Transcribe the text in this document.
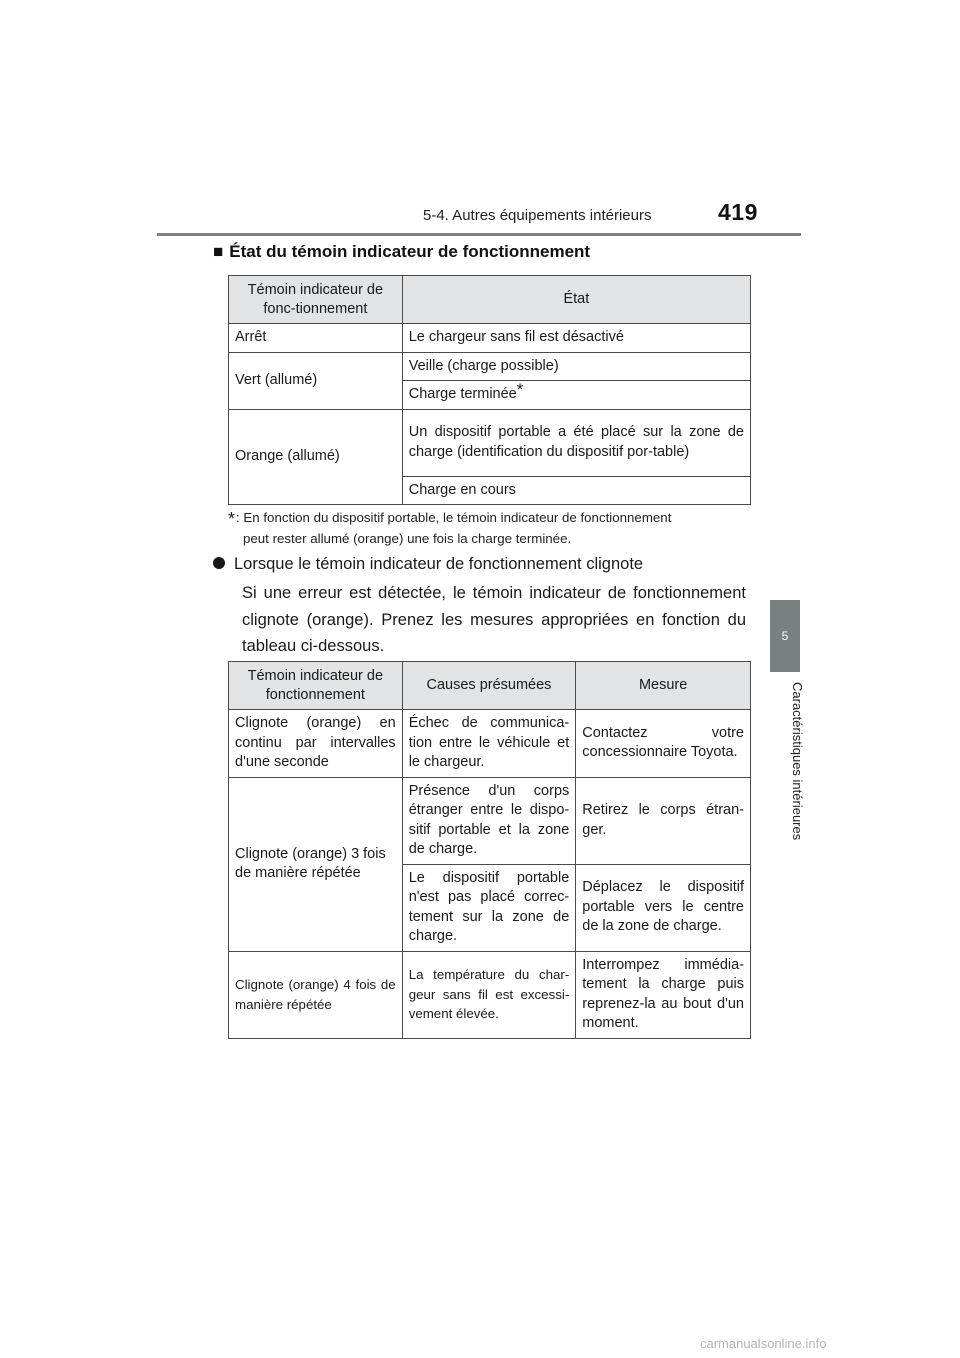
5-4. Autres équipements intérieurs	419
5
Caractéristiques intérieures
■ État du témoin indicateur de fonctionnement
Témoin indicateur de fonc-tionnement	État
Arrêt	Le chargeur sans fil est désactivé
Vert (allumé)	Veille (charge possible)
	Charge terminée*
Orange (allumé)	Un dispositif portable a été placé sur la zone de charge (identification du dispositif por-table)
	Charge en cours
*: En fonction du dispositif portable, le témoin indicateur de fonctionnement
peut rester allumé (orange) une fois la charge terminée.
Lorsque le témoin indicateur de fonctionnement clignote
Si une erreur est détectée, le témoin indicateur de fonctionnement clignote (orange). Prenez les mesures appropriées en fonction du tableau ci-dessous.
Témoin indicateur de fonctionnement	Causes présumées	Mesure
Clignote (orange) en continu par intervalles d'une seconde	Échec de communica-tion entre le véhicule et le chargeur.	Contactez votre concessionnaire Toyota.
Clignote (orange) 3 fois de manière répétée	Présence d'un corps étranger entre le dispo-sitif portable et la zone de charge.	Retirez le corps étran-ger.
	Le dispositif portable n'est pas placé correc-tement sur la zone de charge.	Déplacez le dispositif portable vers le centre de la zone de charge.
Clignote (orange) 4 fois de manière répétée	La température du char-geur sans fil est excessi-vement élevée.	Interrompez immédia-tement la charge puis reprenez-la au bout d'un moment.
carmanualsonline.info
